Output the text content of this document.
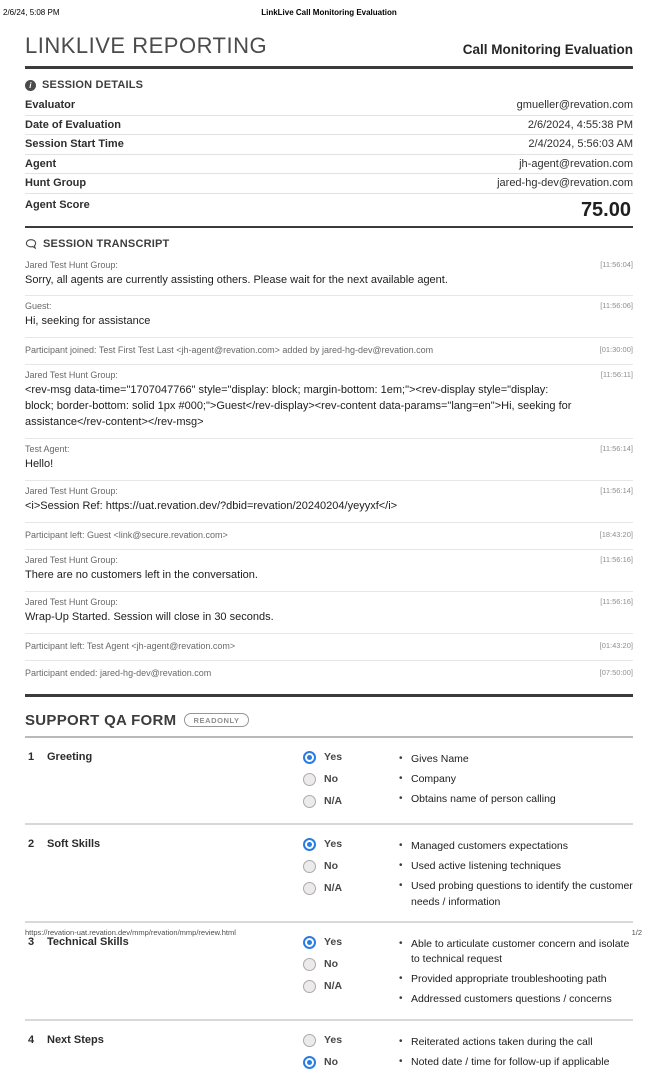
2/6/24, 5:08 PM	LinkLive Call Monitoring Evaluation
LINKLIVE REPORTING	Call Monitoring Evaluation
i SESSION DETAILS
Evaluator	gmueller@revation.com
Date of Evaluation	2/6/2024, 4:55:38 PM
Session Start Time	2/4/2024, 5:56:03 AM
Agent	jh-agent@revation.com
Hunt Group	jared-hg-dev@revation.com
Agent Score	75.00
SESSION TRANSCRIPT
[11:56:04]
Jared Test Hunt Group:
Sorry, all agents are currently assisting others. Please wait for the next available agent.
[11:56:06]
Guest:
Hi, seeking for assistance
[01:30:00]
Participant joined: Test First Test Last <jh-agent@revation.com> added by jared-hg-dev@revation.com
[11:56:11]
Jared Test Hunt Group:
<rev-msg data-time="1707047766" style="display: block; margin-bottom: 1em;"><rev-display style="display: block; border-bottom: solid 1px #000;">Guest</rev-display><rev-content data-params="lang=en">Hi, seeking for assistance</rev-content></rev-msg>
[11:56:14]
Test Agent:
Hello!
[11:56:14]
Jared Test Hunt Group:
<i>Session Ref: https://uat.revation.dev/?dbid=revation/20240204/yeyyxf</i>
[18:43:20]
Participant left: Guest <link@secure.revation.com>
[11:56:16]
Jared Test Hunt Group:
There are no customers left in the conversation.
[11:56:16]
Jared Test Hunt Group:
Wrap-Up Started. Session will close in 30 seconds.
[01:43:20]
Participant left: Test Agent <jh-agent@revation.com>
[07:50:00]
Participant ended: jared-hg-dev@revation.com
SUPPORT QA FORM	READONLY
1	Greeting	Yes
No
N/A
• Gives Name
• Company
• Obtains name of person calling
2	Soft Skills	Yes
No
N/A
• Managed customers expectations
• Used active listening techniques
• Used probing questions to identify the customer needs / information
3	Technical Skills	Yes
No
N/A
• Able to articulate customer concern and isolate to technical request
• Provided appropriate troubleshooting path
• Addressed customers questions / concerns
4	Next Steps	Yes
No
• Reiterated actions taken during the call
• Noted date / time for follow-up if applicable
https://revation-uat.revation.dev/mmp/revation/mmp/review.html	1/2
